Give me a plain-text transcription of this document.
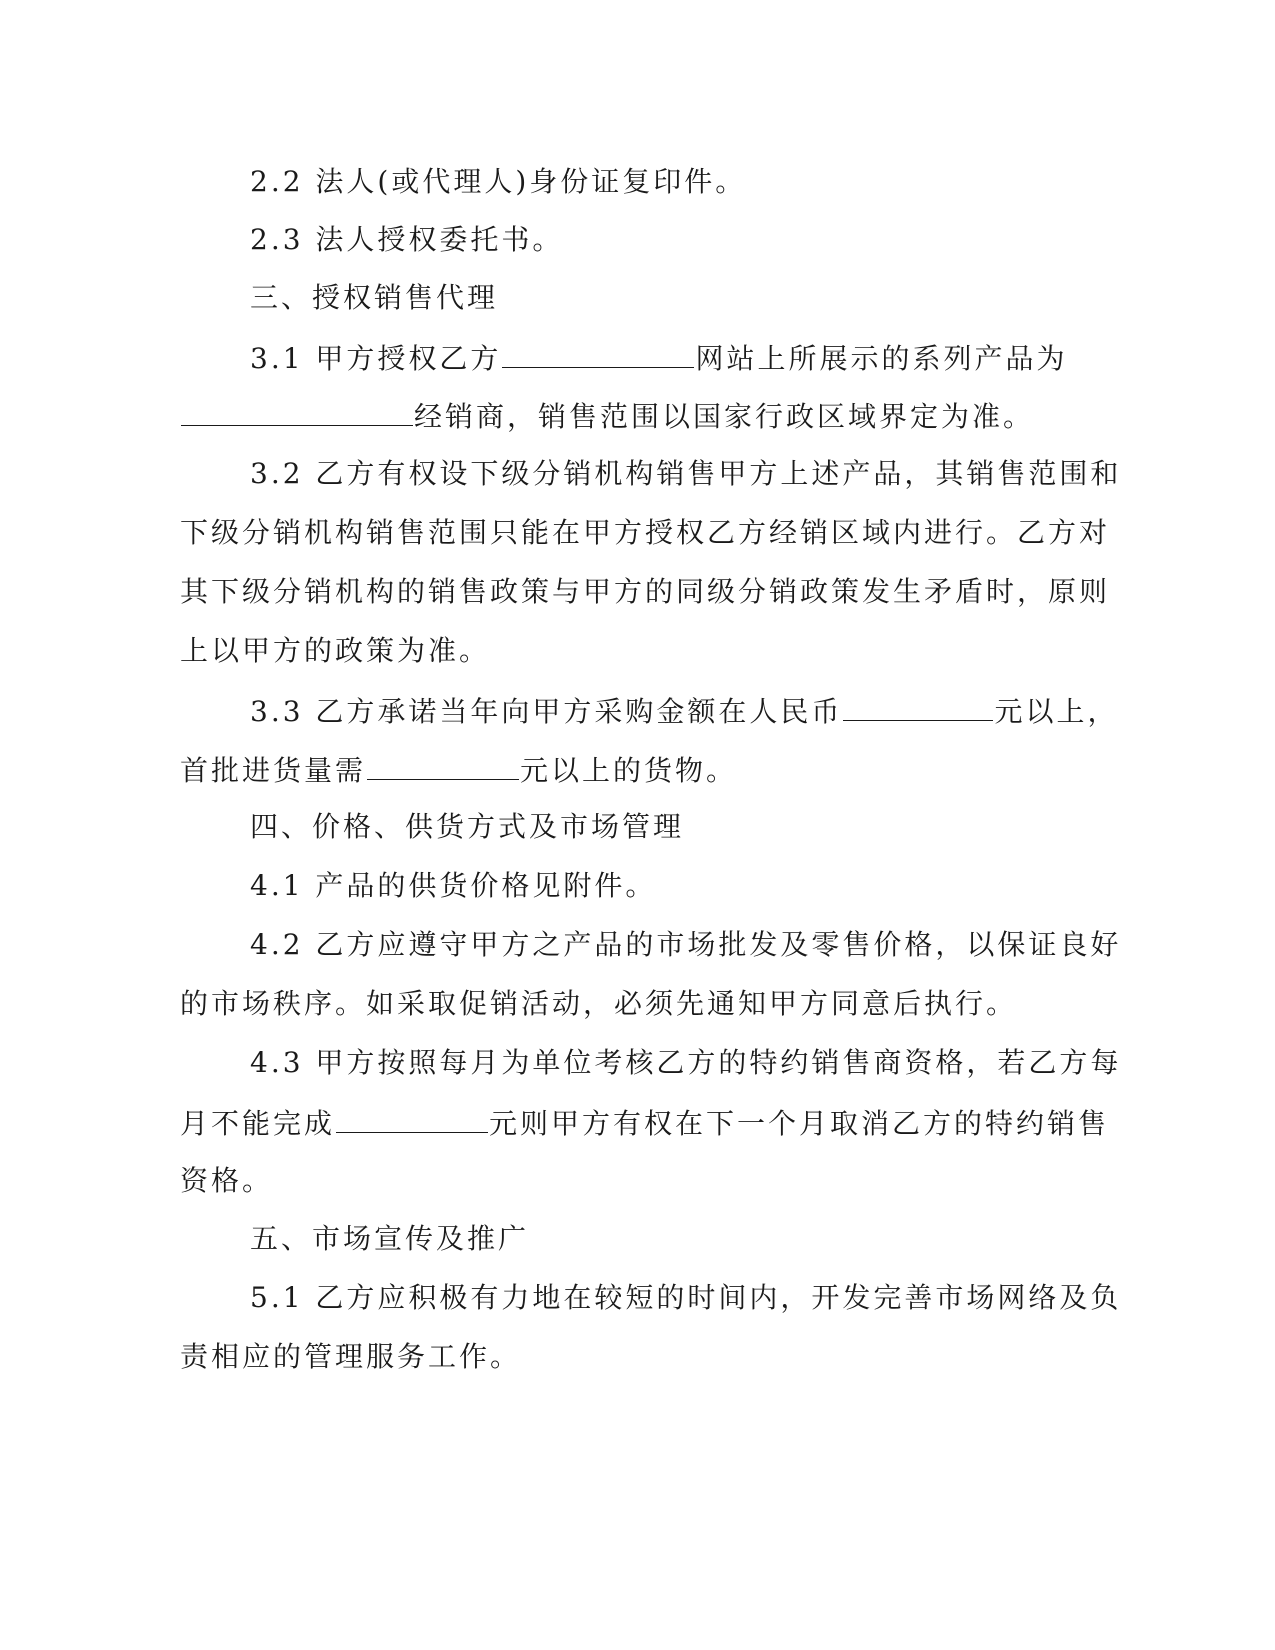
2.2 法人(或代理人)身份证复印件。
2.3 法人授权委托书。
三、授权销售代理
3.1 甲方授权乙方	网站上所展示的系列产品为
经销商，销售范围以国家行政区域界定为准。
3.2 乙方有权设下级分销机构销售甲方上述产品，其销售范围和
下级分销机构销售范围只能在甲方授权乙方经销区域内进行。乙方对
其下级分销机构的销售政策与甲方的同级分销政策发生矛盾时，原则
上以甲方的政策为准。
3.3 乙方承诺当年向甲方采购金额在人民币	元以上，
首批进货量需	元以上的货物。
四、价格、供货方式及市场管理
4.1 产品的供货价格见附件。
4.2 乙方应遵守甲方之产品的市场批发及零售价格，以保证良好
的市场秩序。如采取促销活动，必须先通知甲方同意后执行。
4.3 甲方按照每月为单位考核乙方的特约销售商资格，若乙方每
月不能完成	元则甲方有权在下一个月取消乙方的特约销售
资格。
五、市场宣传及推广
5.1 乙方应积极有力地在较短的时间内，开发完善市场网络及负
责相应的管理服务工作。
